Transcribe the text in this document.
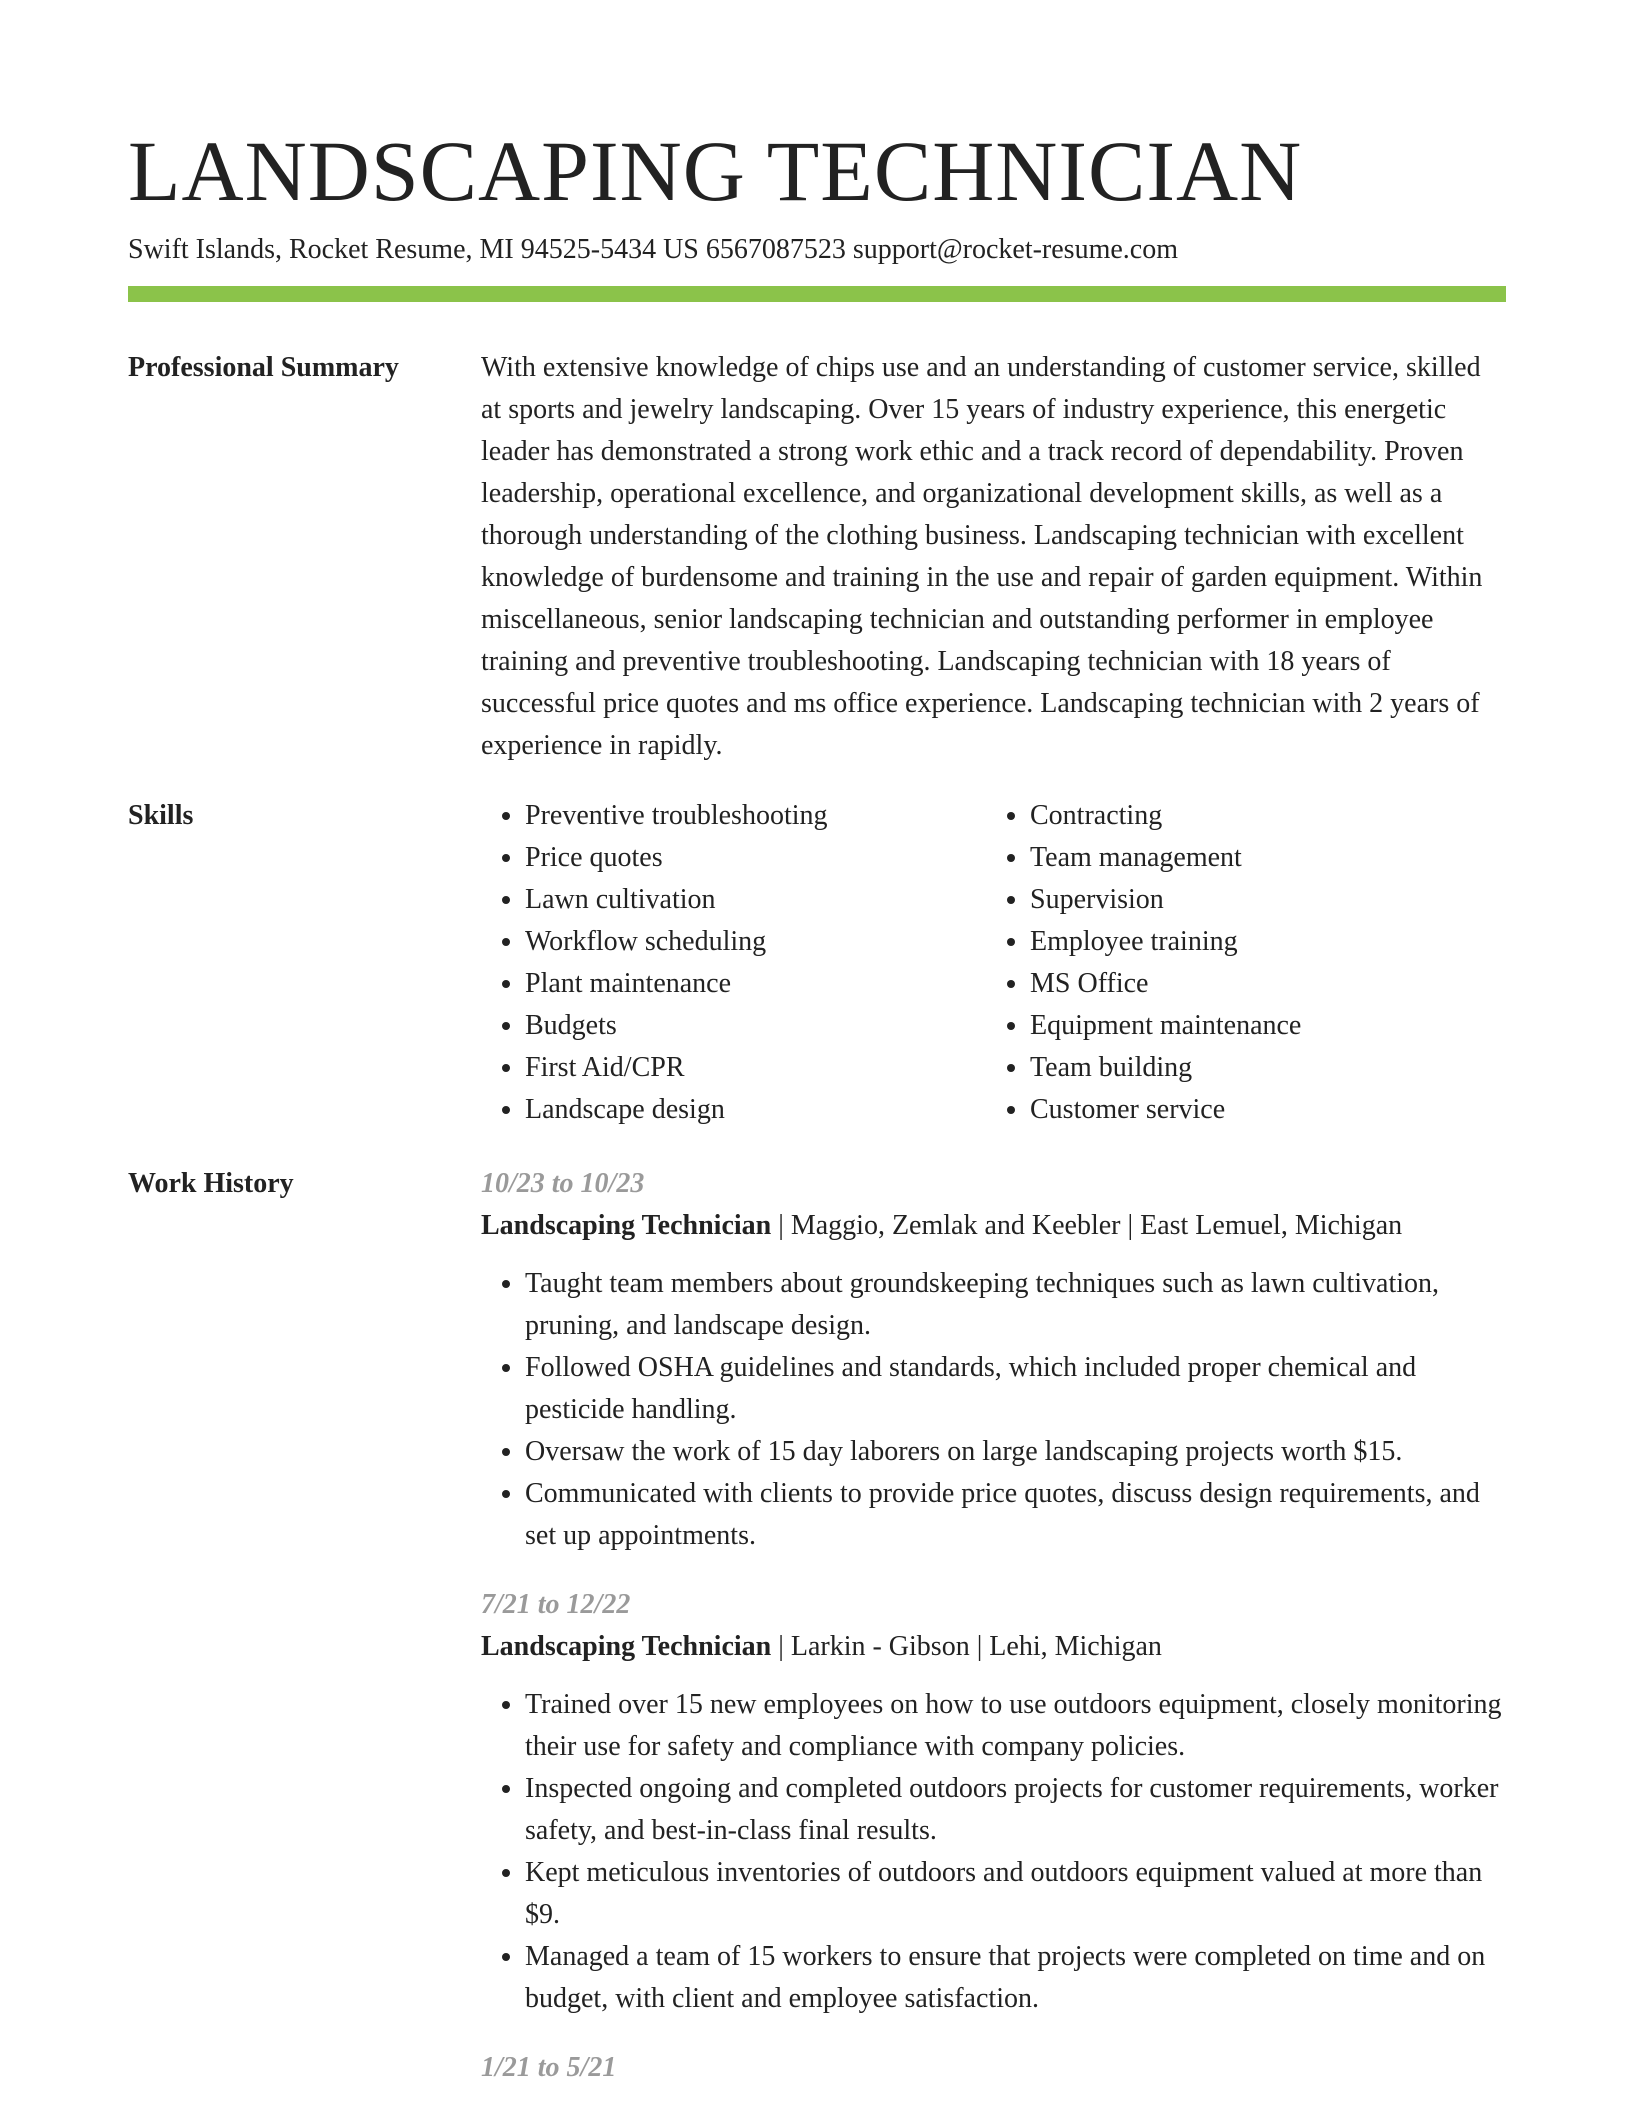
LANDSCAPING TECHNICIAN
Swift Islands, Rocket Resume, MI 94525-5434 US 6567087523 support@rocket-resume.com
Professional Summary	With extensive knowledge of chips use and an understanding of customer service, skilled at sports and jewelry landscaping. Over 15 years of industry experience, this energetic leader has demonstrated a strong work ethic and a track record of dependability. Proven leadership, operational excellence, and organizational development skills, as well as a thorough understanding of the clothing business. Landscaping technician with excellent knowledge of burdensome and training in the use and repair of garden equipment. Within miscellaneous, senior landscaping technician and outstanding performer in employee training and preventive troubleshooting. Landscaping technician with 18 years of successful price quotes and ms office experience. Landscaping technician with 2 years of experience in rapidly.

Skills
•	Preventive troubleshooting
• Price quotes
• Lawn cultivation
• Workflow scheduling
• Plant maintenance
• Budgets
• First Aid/CPR
• Landscape design
• Contracting
• Team management
• Supervision
• Employee training
• MS Office
• Equipment maintenance
• Team building
• Customer service
Work History	10/23 to 10/23
Landscaping Technician | Maggio, Zemlak and Keebler | East Lemuel, Michigan
• Taught team members about groundskeeping techniques such as lawn cultivation, pruning, and landscape design.
• Followed OSHA guidelines and standards, which included proper chemical and pesticide handling.
• Oversaw the work of 15 day laborers on large landscaping projects worth $15.
• Communicated with clients to provide price quotes, discuss design requirements, and set up appointments.
7/21 to 12/22
Landscaping Technician | Larkin - Gibson | Lehi, Michigan
• Trained over 15 new employees on how to use outdoors equipment, closely monitoring their use for safety and compliance with company policies.
• Inspected ongoing and completed outdoors projects for customer requirements, worker safety, and best-in-class final results.
• Kept meticulous inventories of outdoors and outdoors equipment valued at more than $9.
• Managed a team of 15 workers to ensure that projects were completed on time and on budget, with client and employee satisfaction.
1/21 to 5/21
